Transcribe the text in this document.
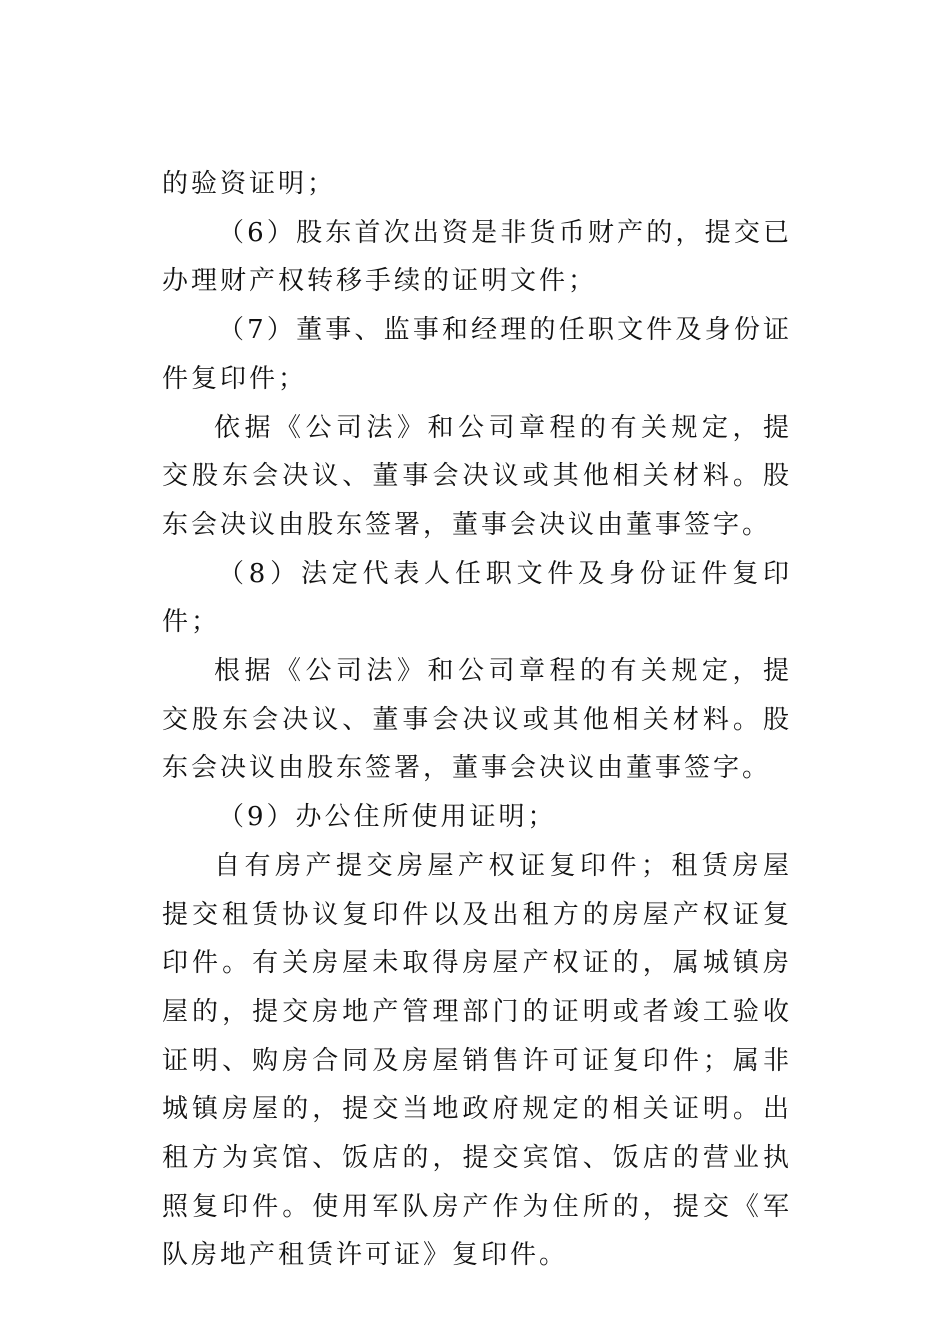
的验资证明；

（6）股东首次出资是非货币财产的，提交已办理财产权转移手续的证明文件；

（7）董事、监事和经理的任职文件及身份证件复印件；

依据《公司法》和公司章程的有关规定，提交股东会决议、董事会决议或其他相关材料。股东会决议由股东签署，董事会决议由董事签字。

（8）法定代表人任职文件及身份证件复印件；

根据《公司法》和公司章程的有关规定，提交股东会决议、董事会决议或其他相关材料。股东会决议由股东签署，董事会决议由董事签字。

（9）办公住所使用证明；

自有房产提交房屋产权证复印件；租赁房屋提交租赁协议复印件以及出租方的房屋产权证复印件。有关房屋未取得房屋产权证的，属城镇房屋的，提交房地产管理部门的证明或者竣工验收证明、购房合同及房屋销售许可证复印件；属非城镇房屋的，提交当地政府规定的相关证明。出租方为宾馆、饭店的，提交宾馆、饭店的营业执照复印件。使用军队房产作为住所的，提交《军队房地产租赁许可证》复印件。
